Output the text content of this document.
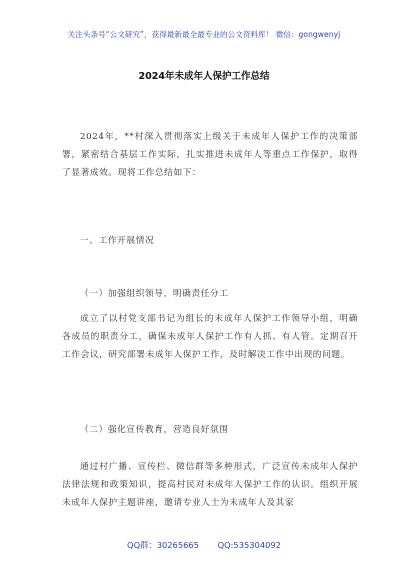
关注头条号“公文研究”，获得最新最全最专业的公文资料库！ 微信：gongwenyj
2024年未成年人保护工作总结

2024年，**村深入贯彻落实上级关于未成年人保护工作的决策部署，紧密结合基层工作实际，扎实推进未成年人等重点工作保护，取得了显著成效。现将工作总结如下：

一、工作开展情况

（一）加强组织领导，明确责任分工

成立了以村党支部书记为组长的未成年人保护工作领导小组，明确各成员的职责分工，确保未成年人保护工作有人抓、有人管。定期召开工作会议，研究部署未成年人保护工作，及时解决工作中出现的问题。

（二）强化宣传教育，营造良好氛围

通过村广播、宣传栏、微信群等多种形式，广泛宣传未成年人保护法律法规和政策知识，提高村民对未成年人保护工作的认识。组织开展未成年人保护主题讲座，邀请专业人士为未成年人及其家

QQ群：30265665 QQ:535304092
